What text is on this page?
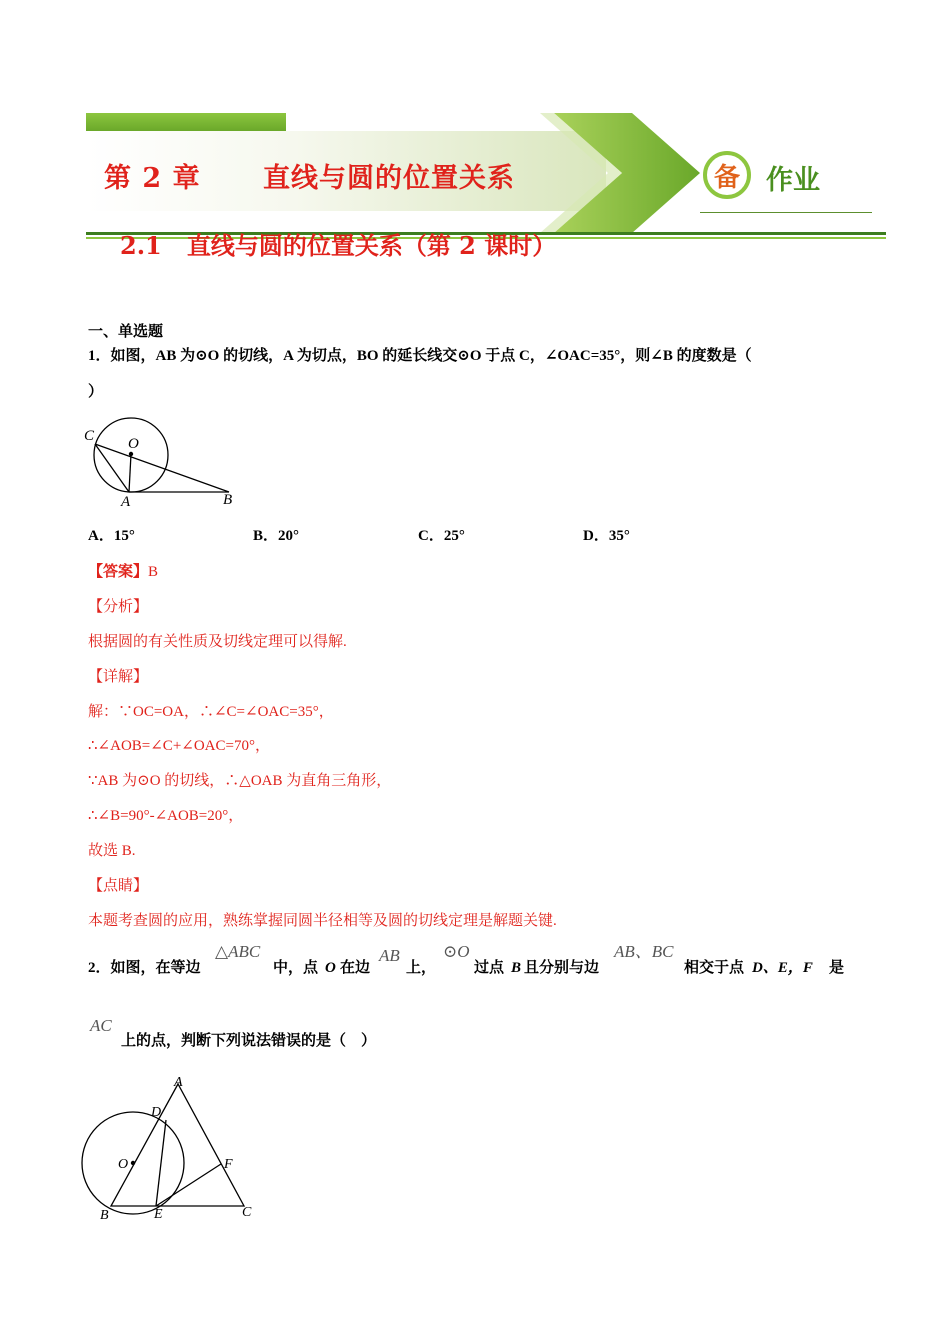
第 2 章      直线与圆的位置关系	备 作业
2.1   直线与圆的位置关系（第 2 课时）
一、单选题
1．如图，AB 为⊙O 的切线，A 为切点，BO 的延长线交⊙O 于点 C，∠OAC=35°，则∠B 的度数是（
）
C O
A	B
A．15°	B．20°	C．25°	D．35°
【答案】B
【分析】
根据圆的有关性质及切线定理可以得解.
【详解】
解：∵OC=OA，∴∠C=∠OAC=35°，
∴∠AOB=∠C+∠OAC=70°，
∵AB 为⊙O 的切线，∴△OAB 为直角三角形，
∴∠B=90°-∠AOB=20°，
故选 B.
【点睛】
本题考查圆的应用，熟练掌握同圆半径相等及圆的切线定理是解题关键.
2．如图，在等边
△ABC
中，点 O 在边
AB
上，
⊙O
过点 B 且分别与边
AB、BC
相交于点 D、E，F 是
AC
上的点，判断下列说法错误的是（    ）
A
D
O	F
B	E	C
